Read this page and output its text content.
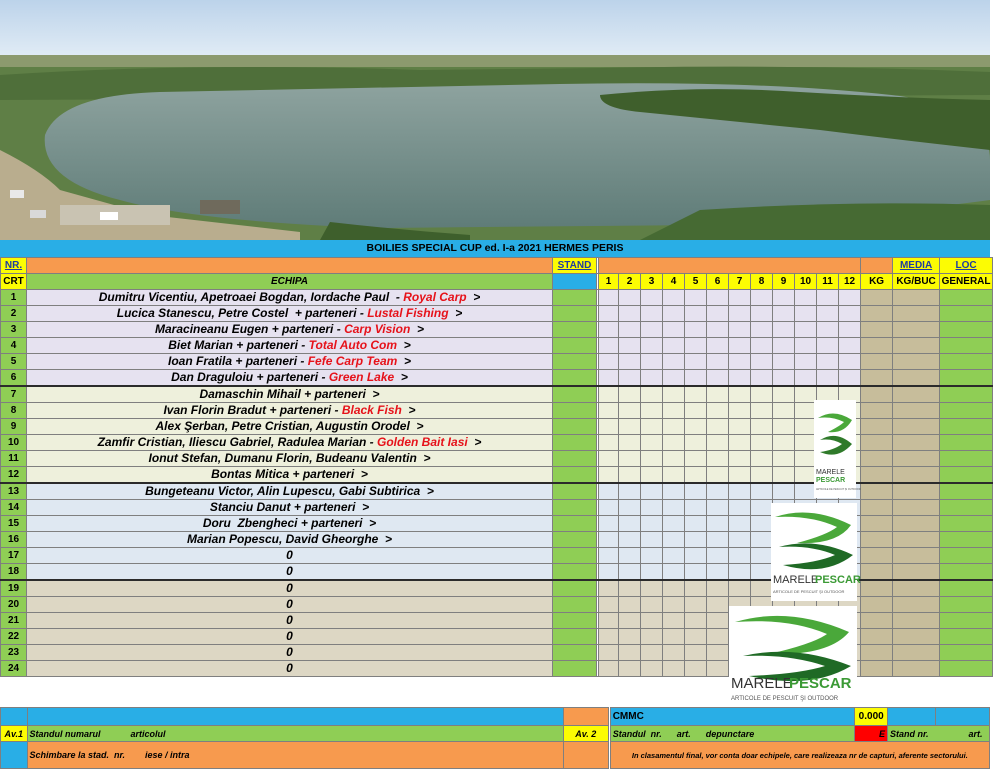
BOILIES SPECIAL CUP ed. I-a 2021 HERMES PERIS
NR.		STAND															MEDIA	LOC
CRT	ECHIPA			1	2	3	4	5	6	7	8	9	10	11	12	KG	KG/BUC	GENERAL
1	Dumitru Vicentiu, Apetroaei Bogdan, Iordache Paul  - Royal Carp  >																	
2	Lucica Stanescu, Petre Costel  + parteneri - Lustal Fishing  >																	
3	Maracineanu Eugen + parteneri - Carp Vision  >																	
4	Biet Marian + parteneri - Total Auto Com  >																	
5	Ioan Fratila + parteneri - Fefe Carp Team  >																	
6	Dan Draguloiu + parteneri - Green Lake  >																	
7	Damaschin Mihail + parteneri  >																	
8	Ivan Florin Bradut + parteneri - Black Fish  >																	
9	Alex Şerban, Petre Cristian, Augustin Orodel  >																	
10	Zamfir Cristian, Iliescu Gabriel, Radulea Marian - Golden Bait Iasi  >																	
11	Ionut Stefan, Dumanu Florin, Budeanu Valentin  >																	
12	Bontas Mitica + parteneri  >																	
13	Bungeteanu Victor, Alin Lupescu, Gabi Subtirica  >																	
14	Stanciu Danut + parteneri  >																	
15	Doru  Zbengheci + parteneri  >																	
16	Marian Popescu, David Gheorghe  >																	
17	0																	
18	0																	
19	0																	
20	0																	
21	0																	
22	0																	
23	0																	
24	0																	
				CMMC	0.000		
Av.1	Standul numarul            articolul	Av. 2		Standul  nr.      art.      depunctare	E	Stand nr.                art.	
	Schimbare la stad.  nr.        iese / intra			In clasamentul final, vor conta doar echipele, care realizeaza nr de capturi, aferente sectorului.			
MARELE
PESCAR
ARTICOLE DE PESCUIT ŞI OUTDOOR
MARELE
PESCAR
ARTICOLE DE PESCUIT ŞI OUTDOOR
MARELE
PESCAR
ARTICOLE DE PESCUIT ŞI OUTDOOR
